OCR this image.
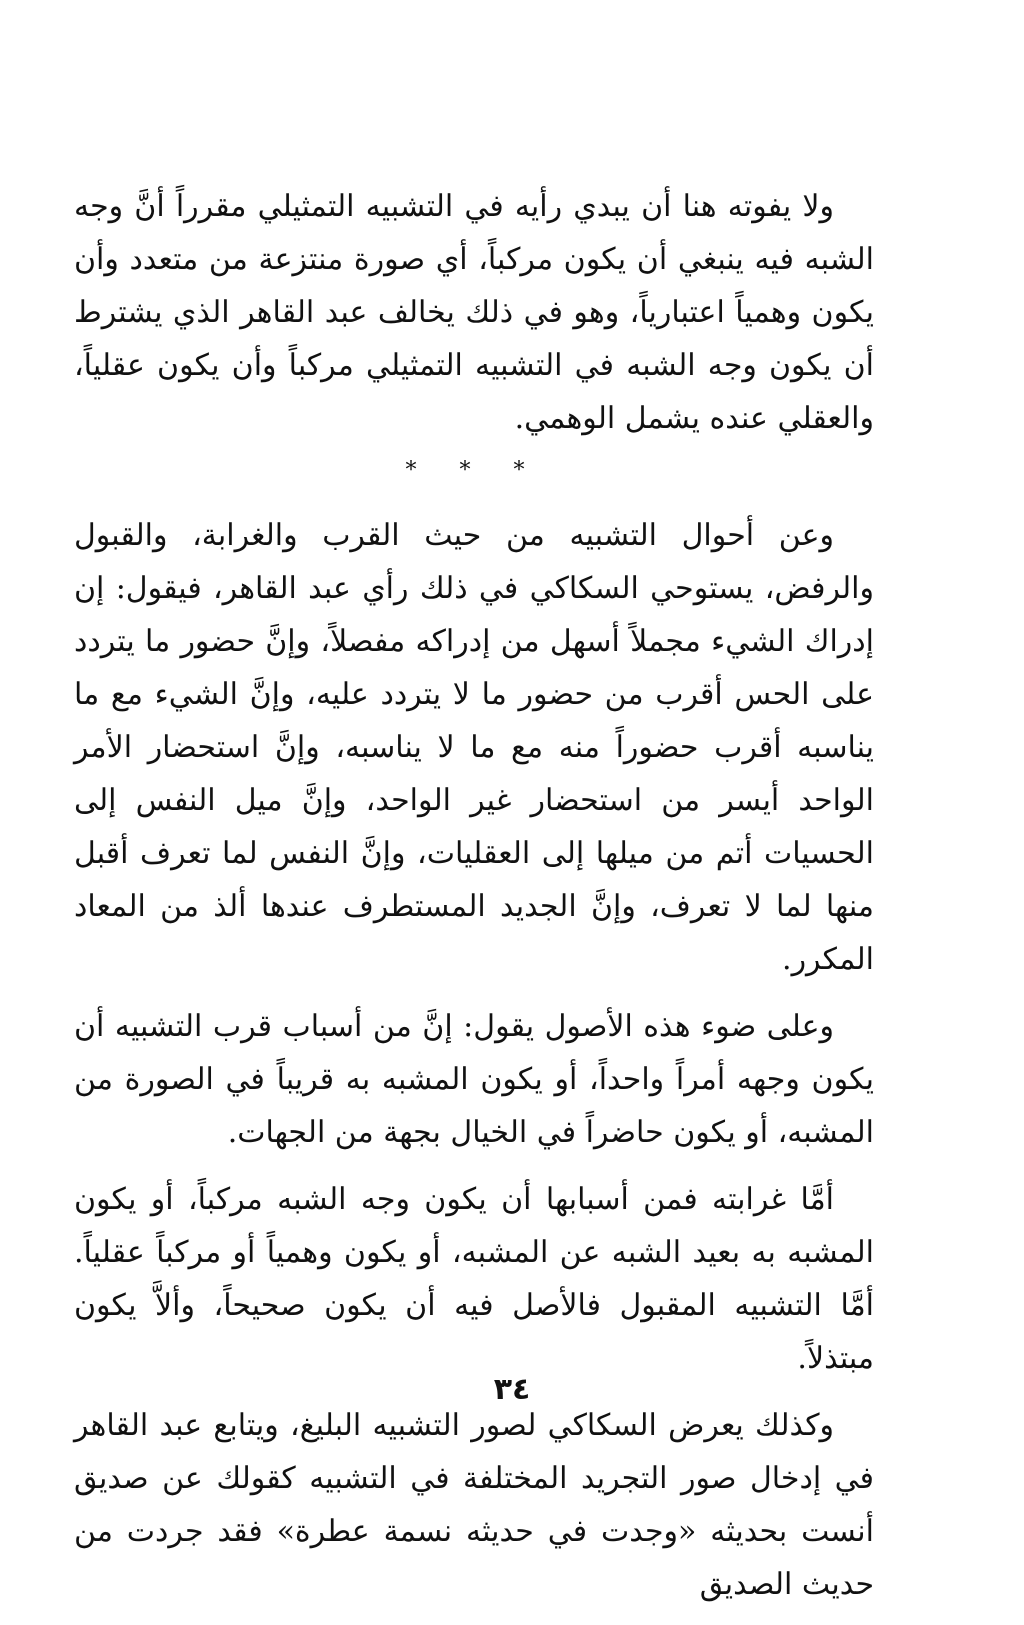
ولا يفوته هنا أن يبدي رأيه في التشبيه التمثيلي مقرراً أنَّ وجه الشبه فيه ينبغي أن يكون مركباً، أي صورة منتزعة من متعدد وأن يكون وهمياً اعتبارياً، وهو في ذلك يخالف عبد القاهر الذي يشترط أن يكون وجه الشبه في التشبيه التمثيلي مركباً وأن يكون عقلياً، والعقلي عنده يشمل الوهمي.

* * *

وعن أحوال التشبيه من حيث القرب والغرابة، والقبول والرفض، يستوحي السكاكي في ذلك رأي عبد القاهر، فيقول: إن إدراك الشيء مجملاً أسهل من إدراكه مفصلاً، وإنَّ حضور ما يتردد على الحس أقرب من حضور ما لا يتردد عليه، وإنَّ الشيء مع ما يناسبه أقرب حضوراً منه مع ما لا يناسبه، وإنَّ استحضار الأمر الواحد أيسر من استحضار غير الواحد، وإنَّ ميل النفس إلى الحسيات أتم من ميلها إلى العقليات، وإنَّ النفس لما تعرف أقبل منها لما لا تعرف، وإنَّ الجديد المستطرف عندها ألذ من المعاد المكرر.

وعلى ضوء هذه الأصول يقول: إنَّ من أسباب قرب التشبيه أن يكون وجهه أمراً واحداً، أو يكون المشبه به قريباً في الصورة من المشبه، أو يكون حاضراً في الخيال بجهة من الجهات.

أمَّا غرابته فمن أسبابها أن يكون وجه الشبه مركباً، أو يكون المشبه به بعيد الشبه عن المشبه، أو يكون وهمياً أو مركباً عقلياً. أمَّا التشبيه المقبول فالأصل فيه أن يكون صحيحاً، وألاَّ يكون مبتذلاً.

وكذلك يعرض السكاكي لصور التشبيه البليغ، ويتابع عبد القاهر في إدخال صور التجريد المختلفة في التشبيه كقولك عن صديق أنست بحديثه «وجدت في حديثه نسمة عطرة» فقد جردت من حديث الصديق

٣٤
